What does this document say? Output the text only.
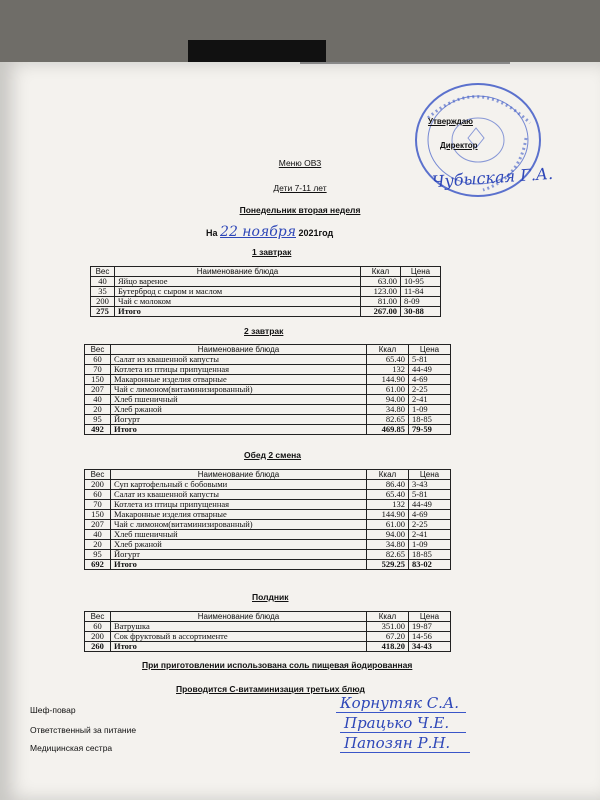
Утверждаю
Директор
Чубыская Г.А.
Меню ОВЗ
Дети 7-11 лет
Понедельник вторая неделя
На 22 ноября 2021год
1 завтрак
Вес	Наименование блюда	Ккал	Цена
40	Яйцо вареное	63.00	10-95
35	Бутерброд с сыром и маслом	123.00	11-84
200	Чай с молоком	81.00	8-09
275	Итого	267.00	30-88
2 завтрак
Вес	Наименование блюда	Ккал	Цена
60	Салат из квашенной капусты	65.40	5-81
70	Котлета из птицы припущенная	132	44-49
150	Макаронные изделия отварные	144.90	4-69
207	Чай с лимоном(витаминизированный)	61.00	2-25
40	Хлеб пшеничный	94.00	2-41
20	Хлеб ржаной	34.80	1-09
95	Йогурт	82.65	18-85
492	Итого	469.85	79-59
Обед 2 смена
Вес	Наименование блюда	Ккал	Цена
200	Суп картофельный с бобовыми	86.40	3-43
60	Салат из квашенной капусты	65.40	5-81
70	Котлета из птицы припущенная	132	44-49
150	Макаронные изделия отварные	144.90	4-69
207	Чай с лимоном(витаминизированный)	61.00	2-25
40	Хлеб пшеничный	94.00	2-41
20	Хлеб ржаной	34.80	1-09
95	Йогурт	82.65	18-85
692	Итого	529.25	83-02
Полдник
Вес	Наименование блюда	Ккал	Цена
60	Ватрушка	351.00	19-87
200	Сок фруктовый в ассортименте	67.20	14-56
260	Итого	418.20	34-43
При приготовлении использована соль пищевая йодированная
Проводится С-витаминизация третьих блюд
Шеф-повар
Ответственный за питание
Медицинская сестра
Корнутяк С.А.
Працько Ч.Е.
Папозян Р.Н.
